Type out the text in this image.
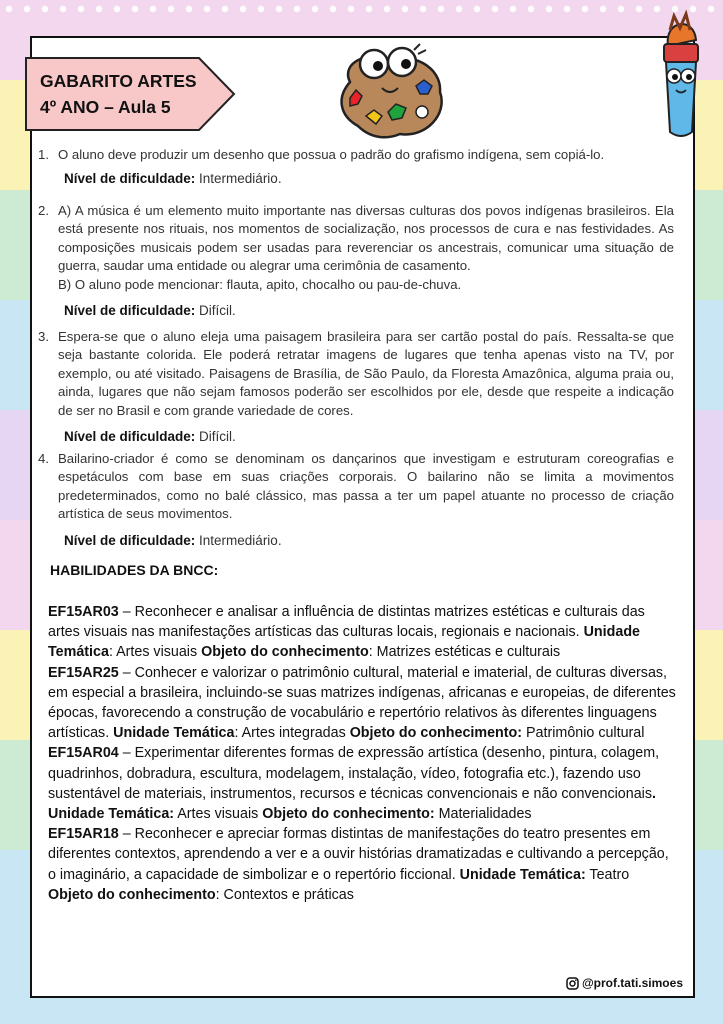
GABARITO ARTES
4º ANO – Aula 5
1. O aluno deve produzir um desenho que possua o padrão do grafismo indígena, sem copiá-lo.
Nível de dificuldade: Intermediário.
2. A) A música é um elemento muito importante nas diversas culturas dos povos indígenas brasileiros. Ela está presente nos rituais, nos momentos de socialização, nos processos de cura e nas festividades. As composições musicais podem ser usadas para reverenciar os ancestrais, comunicar uma situação de guerra, saudar uma entidade ou alegrar uma cerimônia de casamento.
B) O aluno pode mencionar: flauta, apito, chocalho ou pau-de-chuva.
Nível de dificuldade: Difícil.
3. Espera-se que o aluno eleja uma paisagem brasileira para ser cartão postal do país. Ressalta-se que seja bastante colorida. Ele poderá retratar imagens de lugares que tenha apenas visto na TV, por exemplo, ou até visitado. Paisagens de Brasília, de São Paulo, da Floresta Amazônica, alguma praia ou, ainda, lugares que não sejam famosos poderão ser escolhidos por ele, desde que respeite a indicação de ser no Brasil e com grande variedade de cores.
Nível de dificuldade: Difícil.
4. Bailarino-criador é como se denominam os dançarinos que investigam e estruturam coreografias e espetáculos com base em suas criações corporais. O bailarino não se limita a movimentos predeterminados, como no balé clássico, mas passa a ter um papel atuante no processo de criação artística de seus movimentos.
Nível de dificuldade: Intermediário.
HABILIDADES DA BNCC:

EF15AR03 – Reconhecer e analisar a influência de distintas matrizes estéticas e culturais das artes visuais nas manifestações artísticas das culturas locais, regionais e nacionais. Unidade Temática: Artes visuais Objeto do conhecimento: Matrizes estéticas e culturais

EF15AR25 – Conhecer e valorizar o patrimônio cultural, material e imaterial, de culturas diversas, em especial a brasileira, incluindo-se suas matrizes indígenas, africanas e europeias, de diferentes épocas, favorecendo a construção de vocabulário e repertório relativos às diferentes linguagens artísticas. Unidade Temática: Artes integradas Objeto do conhecimento: Patrimônio cultural

EF15AR04 – Experimentar diferentes formas de expressão artística (desenho, pintura, colagem, quadrinhos, dobradura, escultura, modelagem, instalação, vídeo, fotografia etc.), fazendo uso sustentável de materiais, instrumentos, recursos e técnicas convencionais e não convencionais. Unidade Temática: Artes visuais Objeto do conhecimento: Materialidades

EF15AR18 – Reconhecer e apreciar formas distintas de manifestações do teatro presentes em diferentes contextos, aprendendo a ver e a ouvir histórias dramatizadas e cultivando a percepção, o imaginário, a capacidade de simbolizar e o repertório ficcional. Unidade Temática: Teatro Objeto do conhecimento: Contextos e práticas

@prof.tati.simoes
